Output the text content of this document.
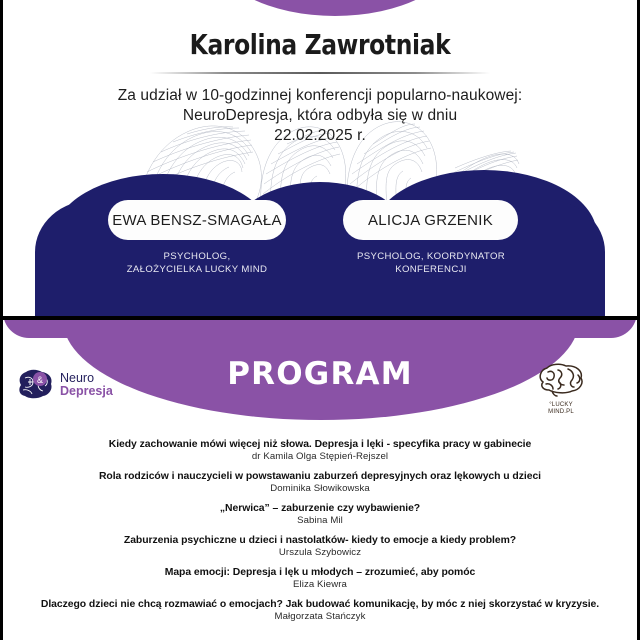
Karolina Zawrotniak
Za udział w 10-godzinnej konferencji popularno-naukowej:
NeuroDepresja, która odbyła się w dniu
22.02.2025 r.
EWA BENSZ-SMAGAŁA	ALICJA GRZENIK
PSYCHOLOG,
ZAŁOŻYCIELKA LUCKY MIND
PSYCHOLOG, KOORDYNATOR
KONFERENCJI
PROGRAM
& Neuro
Depresja
°LUCKY
MIND.PL
Kiedy zachowanie mówi więcej niż słowa. Depresja i lęki - specyfika pracy w gabinecie
dr Kamila Olga Stępień-Rejszel
Rola rodziców i nauczycieli w powstawaniu zaburzeń depresyjnych oraz lękowych u dzieci
Dominika Słowikowska
„Nerwica” – zaburzenie czy wybawienie?
Sabina Mil
Zaburzenia psychiczne u dzieci i nastolatków- kiedy to emocje a kiedy problem?
Urszula Szybowicz
Mapa emocji: Depresja i lęk u młodych – zrozumieć, aby pomóc
Eliza Kiewra
Dlaczego dzieci nie chcą rozmawiać o emocjach? Jak budować komunikację, by móc z niej skorzystać w kryzysie.
Małgorzata Stańczyk
